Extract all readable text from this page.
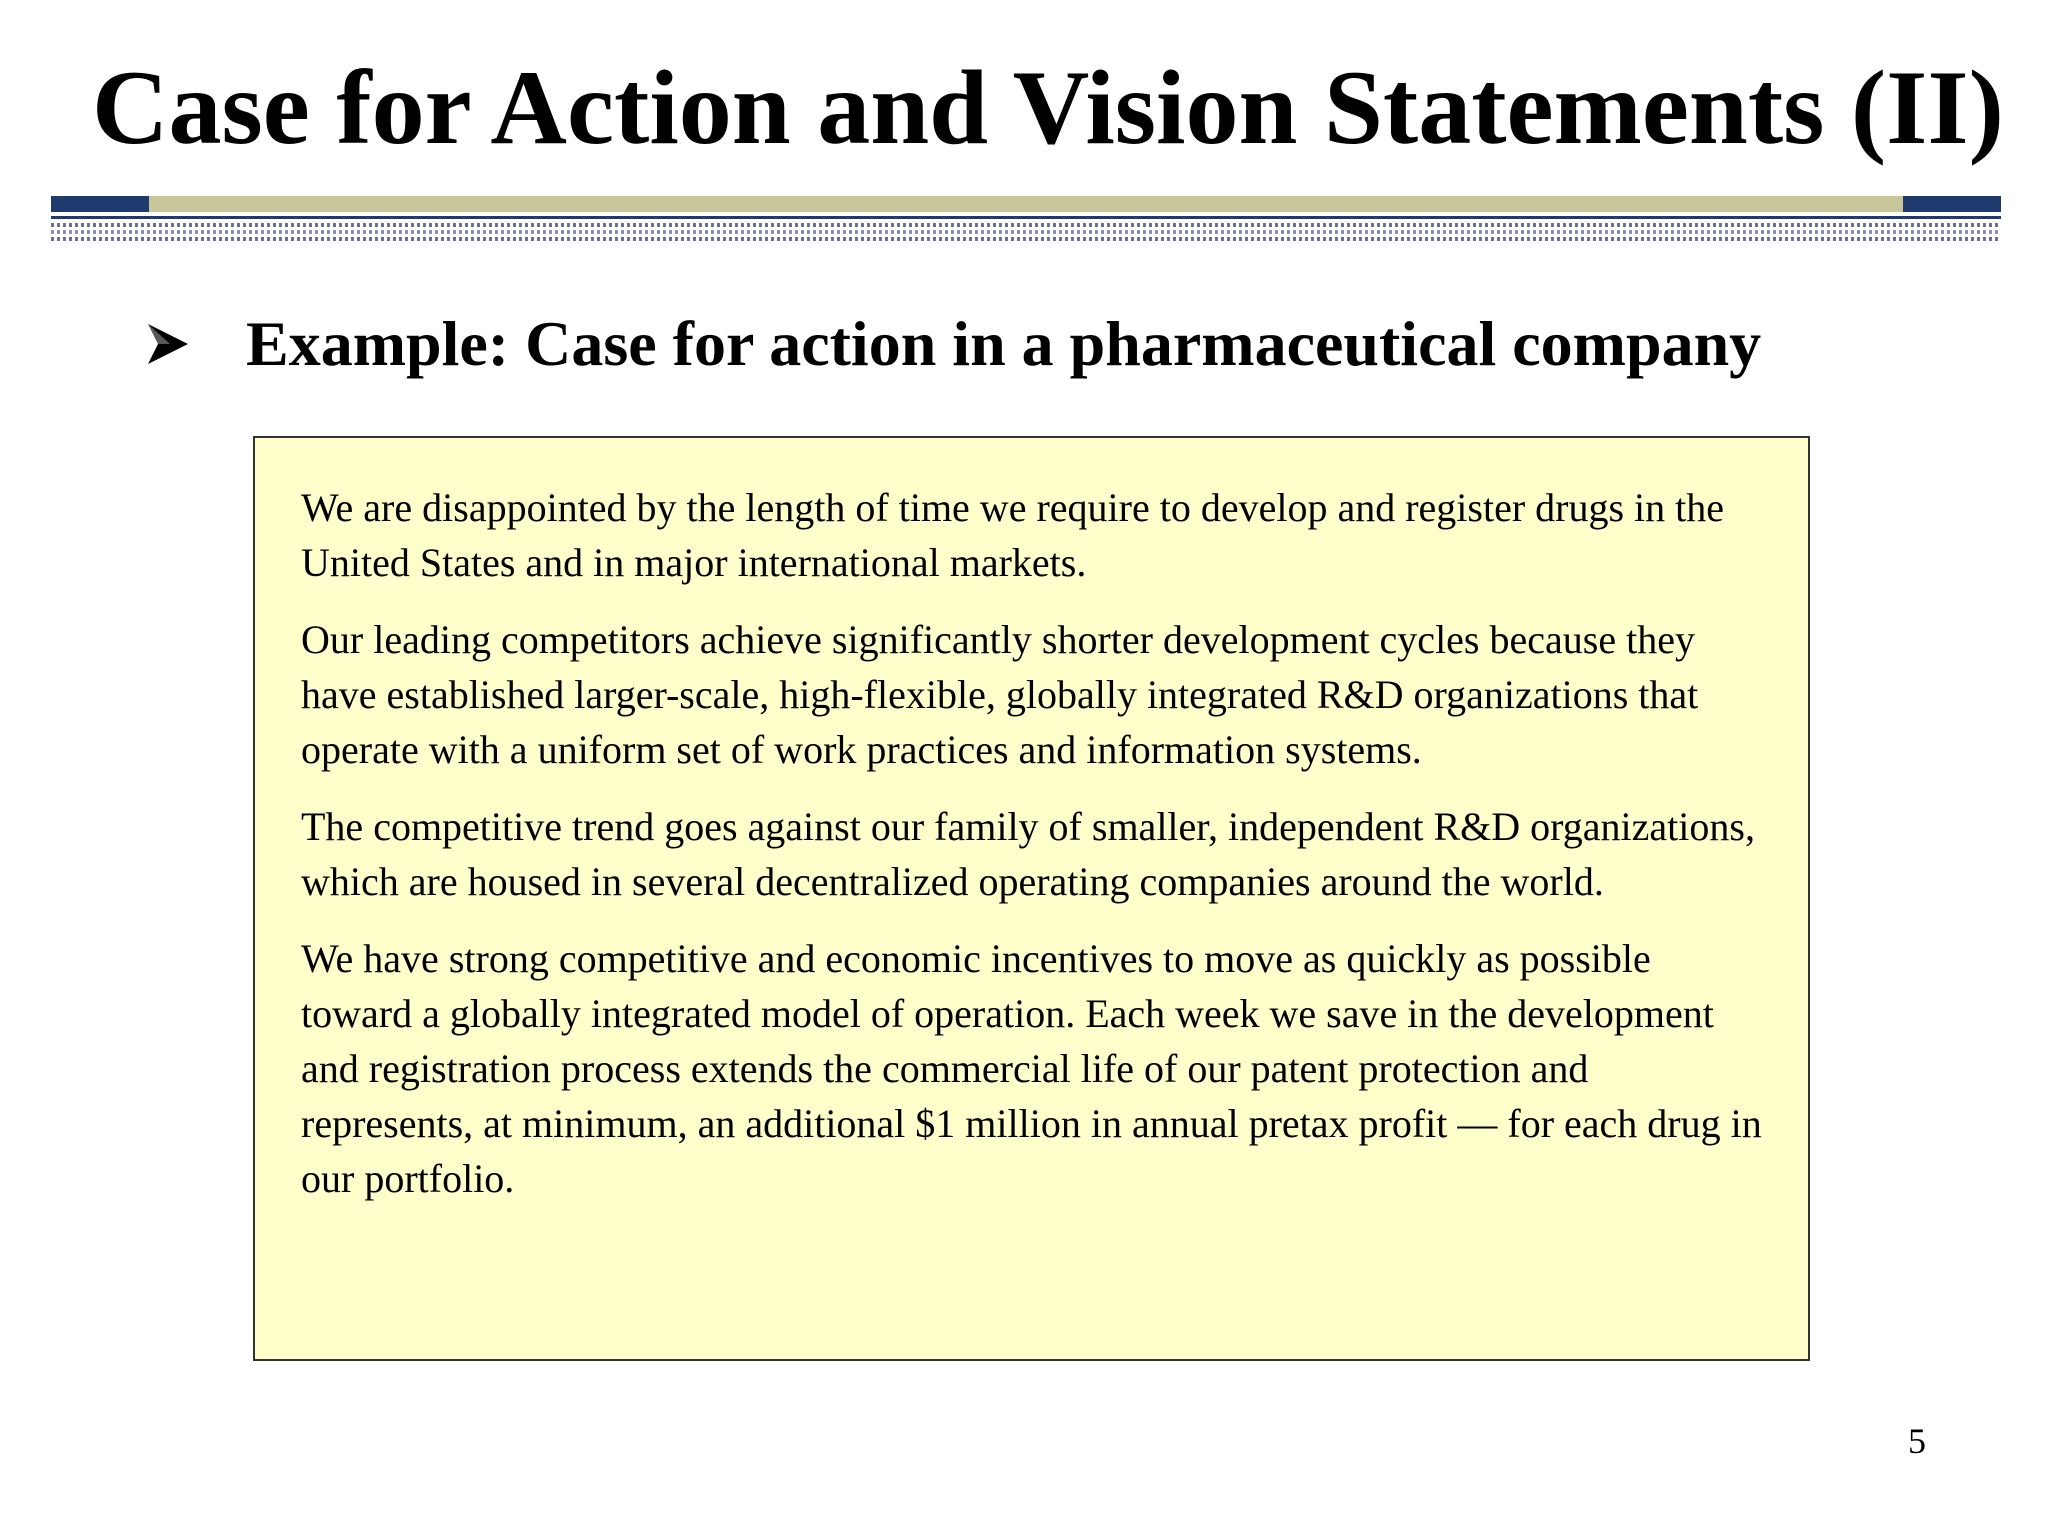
Case for Action and Vision Statements (II)
Example: Case for action in a pharmaceutical company

We are disappointed by the length of time we require to develop and register drugs in the United States and in major international markets.

Our leading competitors achieve significantly shorter development cycles because they have established larger-scale, high-flexible, globally integrated R&D organizations that operate with a uniform set of work practices and information systems.

The competitive trend goes against our family of smaller, independent R&D organizations, which are housed in several decentralized operating companies around the world.

We have strong competitive and economic incentives to move as quickly as possible toward a globally integrated model of operation. Each week we save in the development and registration process extends the commercial life of our patent protection and represents, at minimum, an additional $1 million in annual pretax profit — for each drug in our portfolio.

5
